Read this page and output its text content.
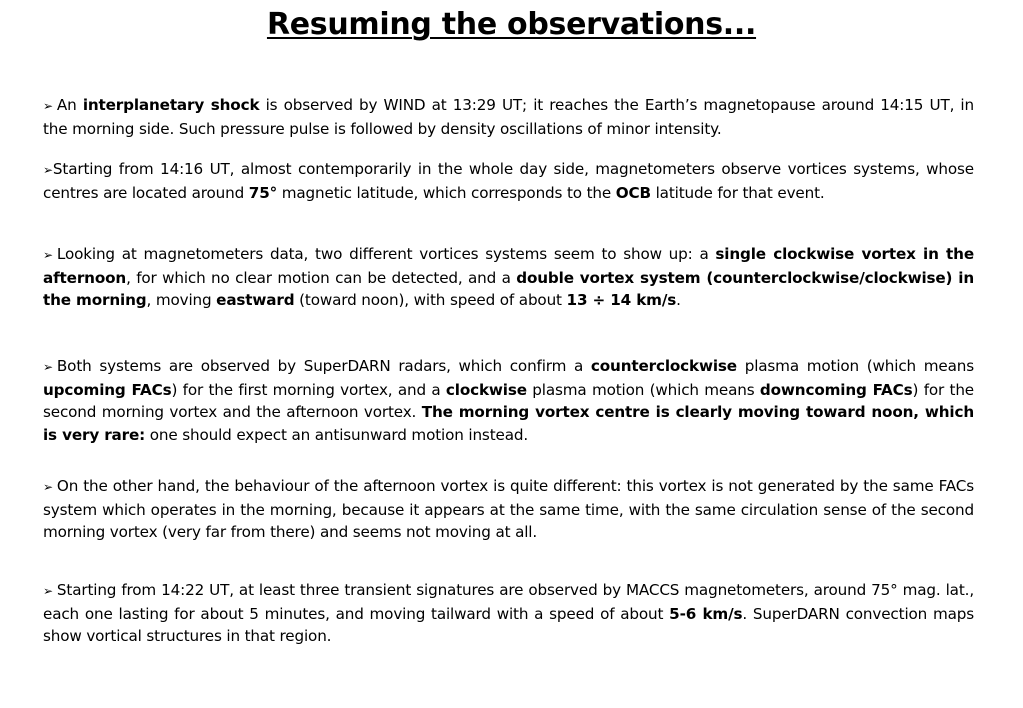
Resuming the observations...
➢ An interplanetary shock is observed by WIND at 13:29 UT; it reaches the Earth’s magnetopause around 14:15 UT, in the morning side. Such pressure pulse is followed by density oscillations of minor intensity.
➢Starting from 14:16 UT, almost contemporarily in the whole day side, magnetometers observe vortices systems, whose centres are located around 75° magnetic latitude, which corresponds to the OCB latitude for that event.
➢ Looking at magnetometers data, two different vortices systems seem to show up: a single clockwise vortex in the afternoon, for which no clear motion can be detected, and a double vortex system (counterclockwise/clockwise) in the morning, moving eastward (toward noon), with speed of about 13 ÷ 14 km/s.
➢ Both systems are observed by SuperDARN radars, which confirm a counterclockwise plasma motion (which means upcoming FACs) for the first morning vortex, and a clockwise plasma motion (which means downcoming FACs) for the second morning vortex and the afternoon vortex. The morning vortex centre is clearly moving toward noon, which is very rare: one should expect an antisunward motion instead.
➢ On the other hand, the behaviour of the afternoon vortex is quite different: this vortex is not generated by the same FACs system which operates in the morning, because it appears at the same time, with the same circulation sense of the second morning vortex (very far from there) and seems not moving at all.
➢ Starting from 14:22 UT, at least three transient signatures are observed by MACCS magnetometers, around 75° mag. lat., each one lasting for about 5 minutes, and moving tailward with a speed of about 5-6 km/s. SuperDARN convection maps show vortical structures in that region.
